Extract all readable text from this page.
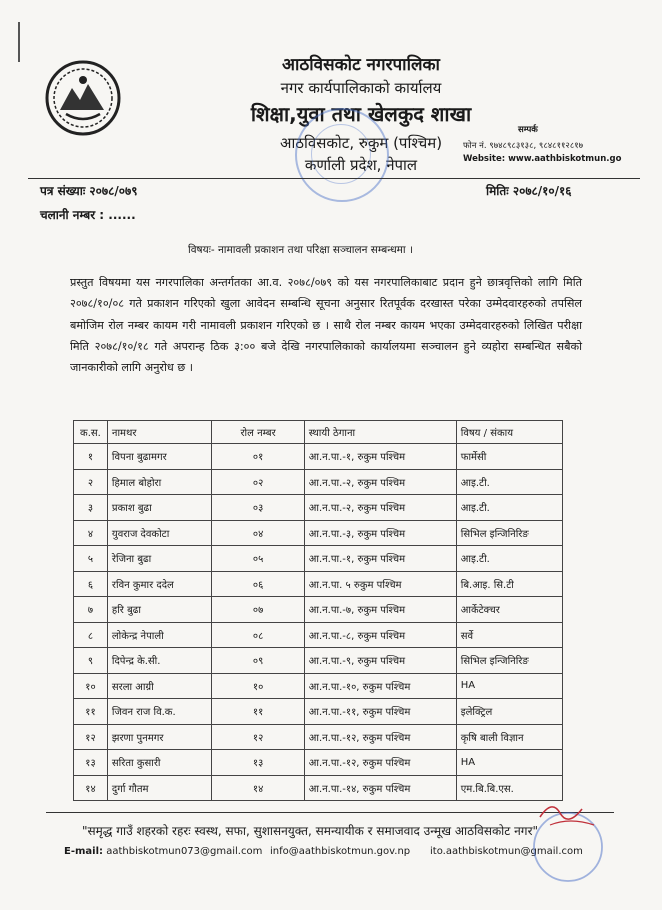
आठविसकोट नगरपालिका
नगर कार्यपालिकाको कार्यालय
शिक्षा,युवा तथा खेलकुद शाखा
आठविसकोट, रुकुम (पश्चिम)
कर्णाली प्रदेश, नेपाल
सम्पर्क
फोन नं. ९७४८९८३१३८, ९८४८११२८१७
Website: www.aathbiskotmun.go
पत्र संख्याः २०७८/०७९
चलानी नम्बर : ......
मितिः २०७८/१०/१६
विषयः- नामावली प्रकाशन तथा परिक्षा सञ्चालन सम्बन्धमा ।
प्रस्तुत विषयमा यस नगरपालिका अन्तर्गतका आ.व. २०७८/०७९ को यस नगरपालिकाबाट प्रदान हुने छात्रवृत्तिको लागि मिति २०७८/१०/०८ गते प्रकाशन गरिएको खुला आवेदन सम्बन्धि सूचना अनुसार रितपूर्वक दरखास्त परेका उम्मेदवारहरुको तपसिल बमोजिम रोल नम्बर कायम गरी नामावली प्रकाशन गरिएको छ । साथै रोल नम्बर कायम भएका उम्मेदवारहरुको लिखित परीक्षा मिति २०७८/१०/१८ गते अपरान्ह ठिक ३:०० बजे देखि नगरपालिकाको कार्यालयमा सञ्चालन हुने व्यहोरा सम्बन्धित सबैको जानकारीको लागि अनुरोध छ ।
क.स.	नामथर	रोल नम्बर	स्थायी ठेगाना	विषय / संकाय
१	विपना बुढामगर	०१	आ.न.पा.-१, रुकुम पश्चिम	फार्मेसी
२	हिमाल बोहोरा	०२	आ.न.पा.-२, रुकुम पश्चिम	आइ.टी.
३	प्रकाश बुढा	०३	आ.न.पा.-२, रुकुम पश्चिम	आइ.टी.
४	युवराज देवकोटा	०४	आ.न.पा.-३, रुकुम पश्चिम	सिभिल इन्जिनिरिङ
५	रेजिना बुढा	०५	आ.न.पा.-१, रुकुम पश्चिम	आइ.टी.
६	रविन कुमार ददेल	०६	आ.न.पा. ५ रुकुम पश्चिम	बि.आइ. सि.टी
७	हरि बुढा	०७	आ.न.पा.-७, रुकुम पश्चिम	आर्केटेक्चर
८	लोकेन्द्र नेपाली	०८	आ.न.पा.-८, रुकुम पश्चिम	सर्वे
९	दिपेन्द्र के.सी.	०९	आ.न.पा.-९, रुकुम पश्चिम	सिभिल इन्जिनिरिङ
१०	सरला आग्री	१०	आ.न.पा.-१०, रुकुम पश्चिम	HA
११	जिवन राज वि.क.	११	आ.न.पा.-११, रुकुम पश्चिम	इलेक्ट्रिल
१२	झरणा पुनमगर	१२	आ.न.पा.-१२, रुकुम पश्चिम	कृषि बाली विज्ञान
१३	सरिता कुसारी	१३	आ.न.पा.-१२, रुकुम पश्चिम	HA
१४	दुर्गा गौतम	१४	आ.न.पा.-१४, रुकुम पश्चिम	एम.बि.बि.एस.
"समृद्ध गाउँ शहरको रहरः स्वस्थ, सफा, सुशासनयुक्त, समन्यायीक र समाजवाद उन्मूख आठविसकोट नगर"
E-mail: aathbiskotmun073@gmail.com info@aathbiskotmun.gov.np ito.aathbiskotmun@gmail.com
